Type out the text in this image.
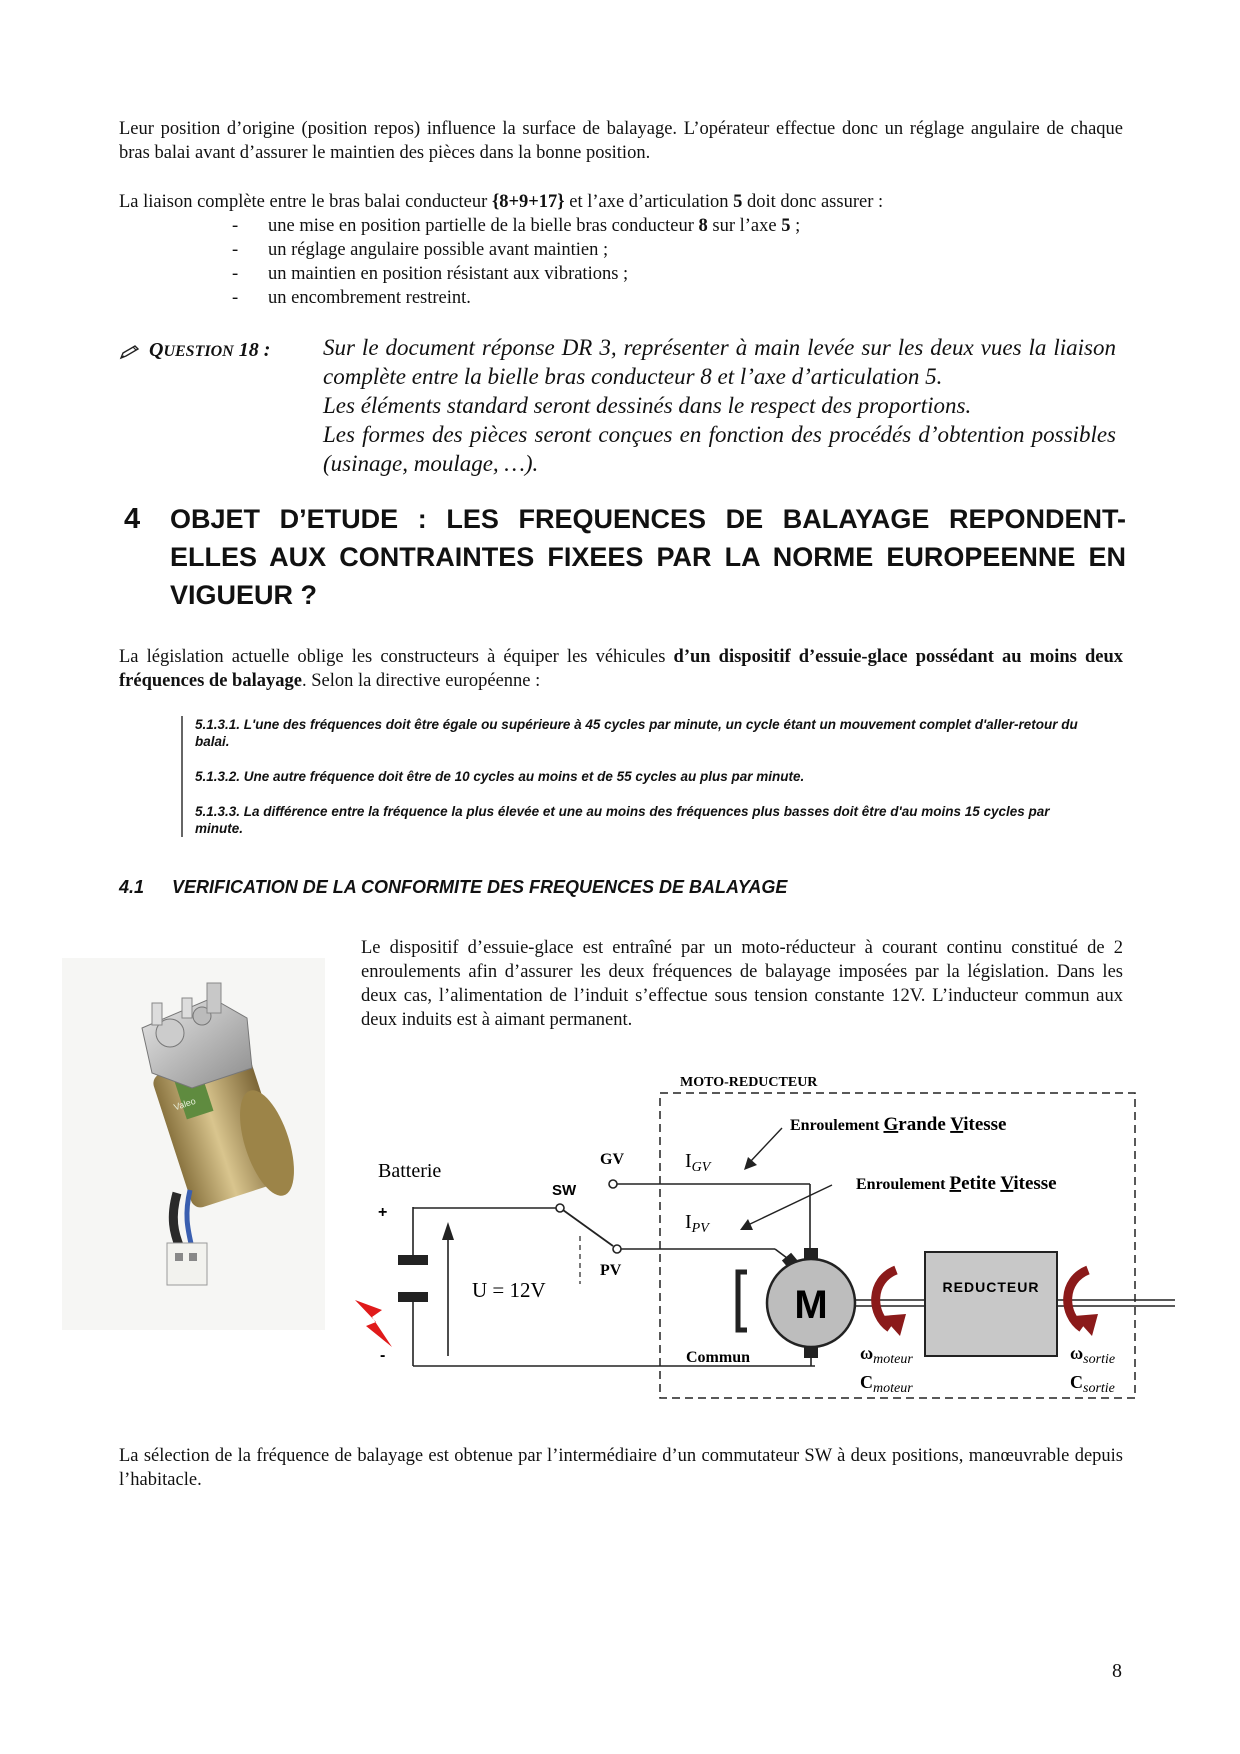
Leur position d’origine (position repos) influence la surface de balayage. L’opérateur effectue donc un réglage angulaire de chaque bras balai avant d’assurer le maintien des pièces dans la bonne position.
La liaison complète entre le bras balai conducteur {8+9+17} et l’axe d’articulation 5 doit donc assurer :
- une mise en position partielle de la bielle bras conducteur 8 sur l’axe 5 ;
- un réglage angulaire possible avant maintien ;
- un maintien en position résistant aux vibrations ;
- un encombrement restreint.
QUESTION 18 : Sur le document réponse DR 3, représenter à main levée sur les deux vues la liaison complète entre la bielle bras conducteur 8 et l’axe d’articulation 5.
Les éléments standard seront dessinés dans le respect des proportions.
Les formes des pièces seront conçues en fonction des procédés d’obtention possibles (usinage, moulage, …).
4 OBJET D’ETUDE : LES FREQUENCES DE BALAYAGE REPONDENT-ELLES AUX CONTRAINTES FIXEES PAR LA NORME EUROPEENNE EN VIGUEUR ?
La législation actuelle oblige les constructeurs à équiper les véhicules d’un dispositif d’essuie-glace possédant au moins deux fréquences de balayage. Selon la directive européenne :

5.1.3.1. L'une des fréquences doit être égale ou supérieure à 45 cycles par minute, un cycle étant un mouvement complet d'aller-retour du balai.

5.1.3.2. Une autre fréquence doit être de 10 cycles au moins et de 55 cycles au plus par minute.

5.1.3.3. La différence entre la fréquence la plus élevée et une au moins des fréquences plus basses doit être d'au moins 15 cycles par minute.

4.1 VERIFICATION DE LA CONFORMITE DES FREQUENCES DE BALAYAGE
Le dispositif d’essuie-glace est entraîné par un moto-réducteur à courant continu constitué de 2 enroulements afin d’assurer les deux fréquences de balayage imposées par la législation. Dans les deux cas, l’alimentation de l’induit s’effectue sous tension constante 12V. L’inducteur commun aux deux induits est à aimant permanent.
Valeo
MOTO-REDUCTEUR
+
-
Batterie
U = 12V
SW
GV
PV
$I_{GV}$
$I_{PV}$
Enroulement Grande Vitesse
Enroulement Petite Vitesse
M	REDUCTEUR
Commun	$\omega_{moteur}$
$C_{moteur}$
$\omega_{sortie}$
$C_{sortie}$
La sélection de la fréquence de balayage est obtenue par l’intermédiaire d’un commutateur SW à deux positions, manœuvrable depuis l’habitacle.
8
